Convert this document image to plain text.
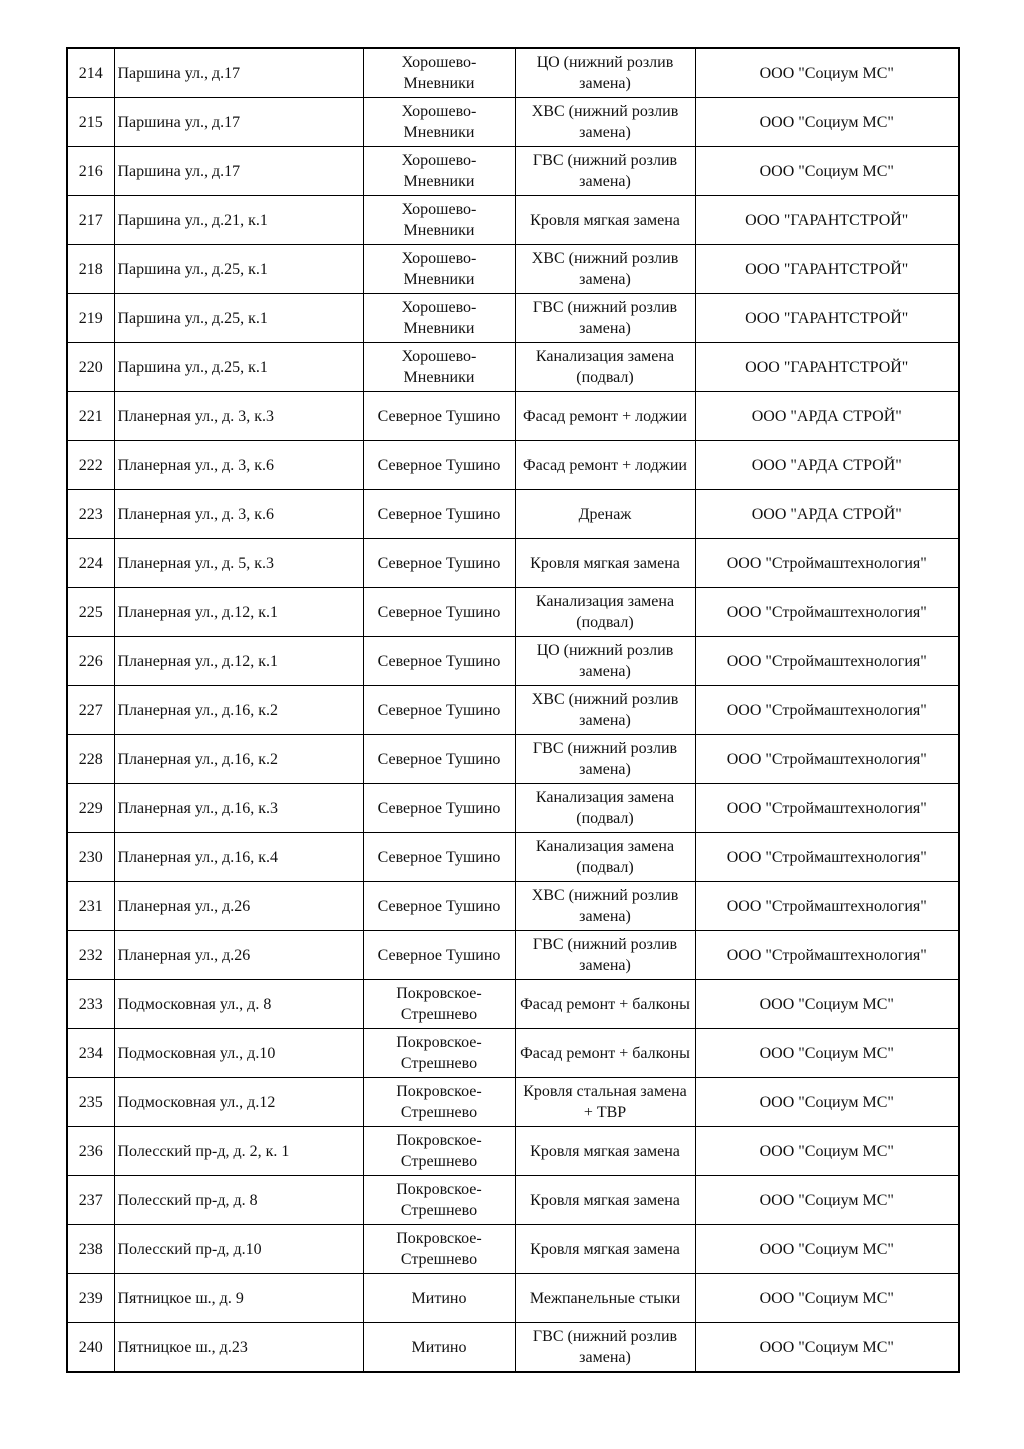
214	Паршина ул., д.17	Хорошево-Мневники	ЦО (нижний розлив замена)	ООО "Социум МС"
215	Паршина ул., д.17	Хорошево-Мневники	ХВС (нижний розлив замена)	ООО "Социум МС"
216	Паршина ул., д.17	Хорошево-Мневники	ГВС (нижний розлив замена)	ООО "Социум МС"
217	Паршина ул., д.21, к.1	Хорошево-Мневники	Кровля мягкая замена	ООО "ГАРАНТСТРОЙ"
218	Паршина ул., д.25, к.1	Хорошево-Мневники	ХВС (нижний розлив замена)	ООО "ГАРАНТСТРОЙ"
219	Паршина ул., д.25, к.1	Хорошево-Мневники	ГВС (нижний розлив замена)	ООО "ГАРАНТСТРОЙ"
220	Паршина ул., д.25, к.1	Хорошево-Мневники	Канализация замена (подвал)	ООО "ГАРАНТСТРОЙ"
221	Планерная ул., д. 3, к.3	Северное Тушино	Фасад ремонт + лоджии	ООО "АРДА СТРОЙ"
222	Планерная ул., д. 3, к.6	Северное Тушино	Фасад ремонт + лоджии	ООО "АРДА СТРОЙ"
223	Планерная ул., д. 3, к.6	Северное Тушино	Дренаж	ООО "АРДА СТРОЙ"
224	Планерная ул., д. 5, к.3	Северное Тушино	Кровля мягкая замена	ООО "Строймаштехнология"
225	Планерная ул., д.12, к.1	Северное Тушино	Канализация замена (подвал)	ООО "Строймаштехнология"
226	Планерная ул., д.12, к.1	Северное Тушино	ЦО (нижний розлив замена)	ООО "Строймаштехнология"
227	Планерная ул., д.16, к.2	Северное Тушино	ХВС (нижний розлив замена)	ООО "Строймаштехнология"
228	Планерная ул., д.16, к.2	Северное Тушино	ГВС (нижний розлив замена)	ООО "Строймаштехнология"
229	Планерная ул., д.16, к.3	Северное Тушино	Канализация замена (подвал)	ООО "Строймаштехнология"
230	Планерная ул., д.16, к.4	Северное Тушино	Канализация замена (подвал)	ООО "Строймаштехнология"
231	Планерная ул., д.26	Северное Тушино	ХВС (нижний розлив замена)	ООО "Строймаштехнология"
232	Планерная ул., д.26	Северное Тушино	ГВС (нижний розлив замена)	ООО "Строймаштехнология"
233	Подмосковная ул., д. 8	Покровское-Стрешнево	Фасад ремонт + балконы	ООО "Социум МС"
234	Подмосковная ул., д.10	Покровское-Стрешнево	Фасад ремонт + балконы	ООО "Социум МС"
235	Подмосковная ул., д.12	Покровское-Стрешнево	Кровля стальная замена + ТВР	ООО "Социум МС"
236	Полесский пр-д, д. 2, к. 1	Покровское-Стрешнево	Кровля мягкая замена	ООО "Социум МС"
237	Полесский пр-д, д. 8	Покровское-Стрешнево	Кровля мягкая замена	ООО "Социум МС"
238	Полесский пр-д, д.10	Покровское-Стрешнево	Кровля мягкая замена	ООО "Социум МС"
239	Пятницкое ш., д. 9	Митино	Межпанельные стыки	ООО "Социум МС"
240	Пятницкое ш., д.23	Митино	ГВС (нижний розлив замена)	ООО "Социум МС"
